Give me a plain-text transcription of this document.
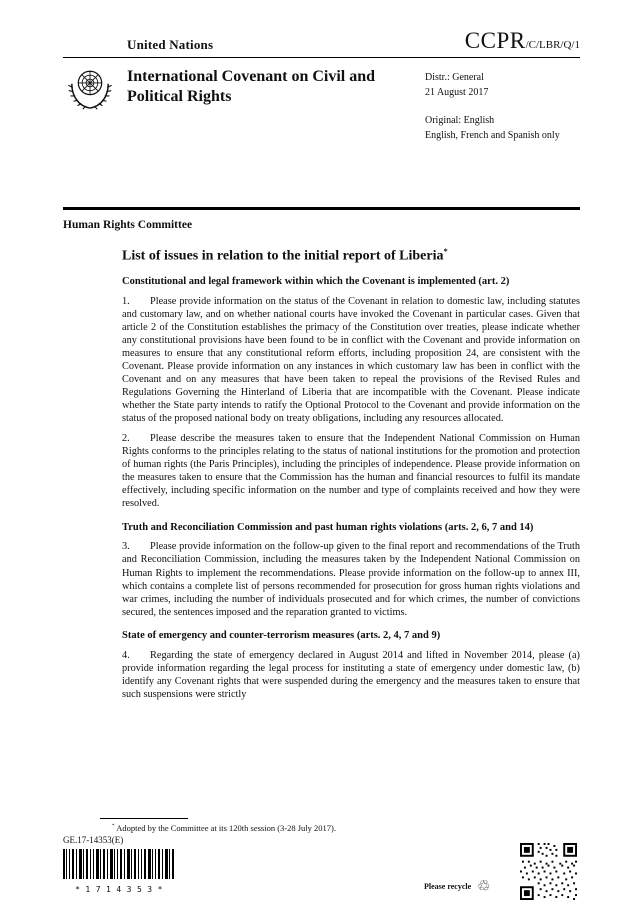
United Nations	CCPR /C/LBR/Q/1
International Covenant on Civil and Political Rights
Distr.: General
21 August 2017
Original: English
English, French and Spanish only
Human Rights Committee
List of issues in relation to the initial report of Liberia*
Constitutional and legal framework within which the Covenant is implemented (art. 2)

1. Please provide information on the status of the Covenant in relation to domestic law, including statutes and customary law, and on whether national courts have invoked the Covenant in particular cases. Given that article 2 of the Constitution establishes the primacy of the Constitution over treaties, please indicate whether any constitutional provisions have been found to be in conflict with the Covenant and provide information on measures to ensure that any constitutional reform efforts, including proposition 24, are consistent with the Covenant. Please provide information on any instances in which customary law has been in conflict with the Covenant and on any measures that have been taken to repeal the provisions of the Revised Rules and Regulations Governing the Hinterland of Liberia that are incompatible with the Covenant. Please indicate whether the State party intends to ratify the Optional Protocol to the Covenant and provide information on the status of the proposed national body on treaty obligations, including any resources allocated.

2. Please describe the measures taken to ensure that the Independent National Commission on Human Rights conforms to the principles relating to the status of national institutions for the promotion and protection of human rights (the Paris Principles), including the principles of independence. Please provide information on the measures taken to ensure that the Commission has the human and financial resources to fulfil its mandate effectively, including specific information on the number and type of complaints received and how they were resolved.

Truth and Reconciliation Commission and past human rights violations (arts. 2, 6, 7 and 14)

3. Please provide information on the follow-up given to the final report and recommendations of the Truth and Reconciliation Commission, including the measures taken by the Independent National Commission on Human Rights to implement the recommendations. Please provide information on the follow-up to annex III, which contains a complete list of persons recommended for prosecution for gross human rights violations and war crimes, including the number of individuals prosecuted and for which crimes, the number of convictions secured, the sentences imposed and the reparation granted to victims.

State of emergency and counter-terrorism measures (arts. 2, 4, 7 and 9)

4. Regarding the state of emergency declared in August 2014 and lifted in November 2014, please (a) provide information regarding the legal process for instituting a state of emergency under domestic law, (b) identify any Covenant rights that were suspended during the emergency and the measures taken to ensure that such suspensions were strictly

* Adopted by the Committee at its 120th session (3-28 July 2017).
GE.17-14353(E)
*1714353*	Please recycle ♲
